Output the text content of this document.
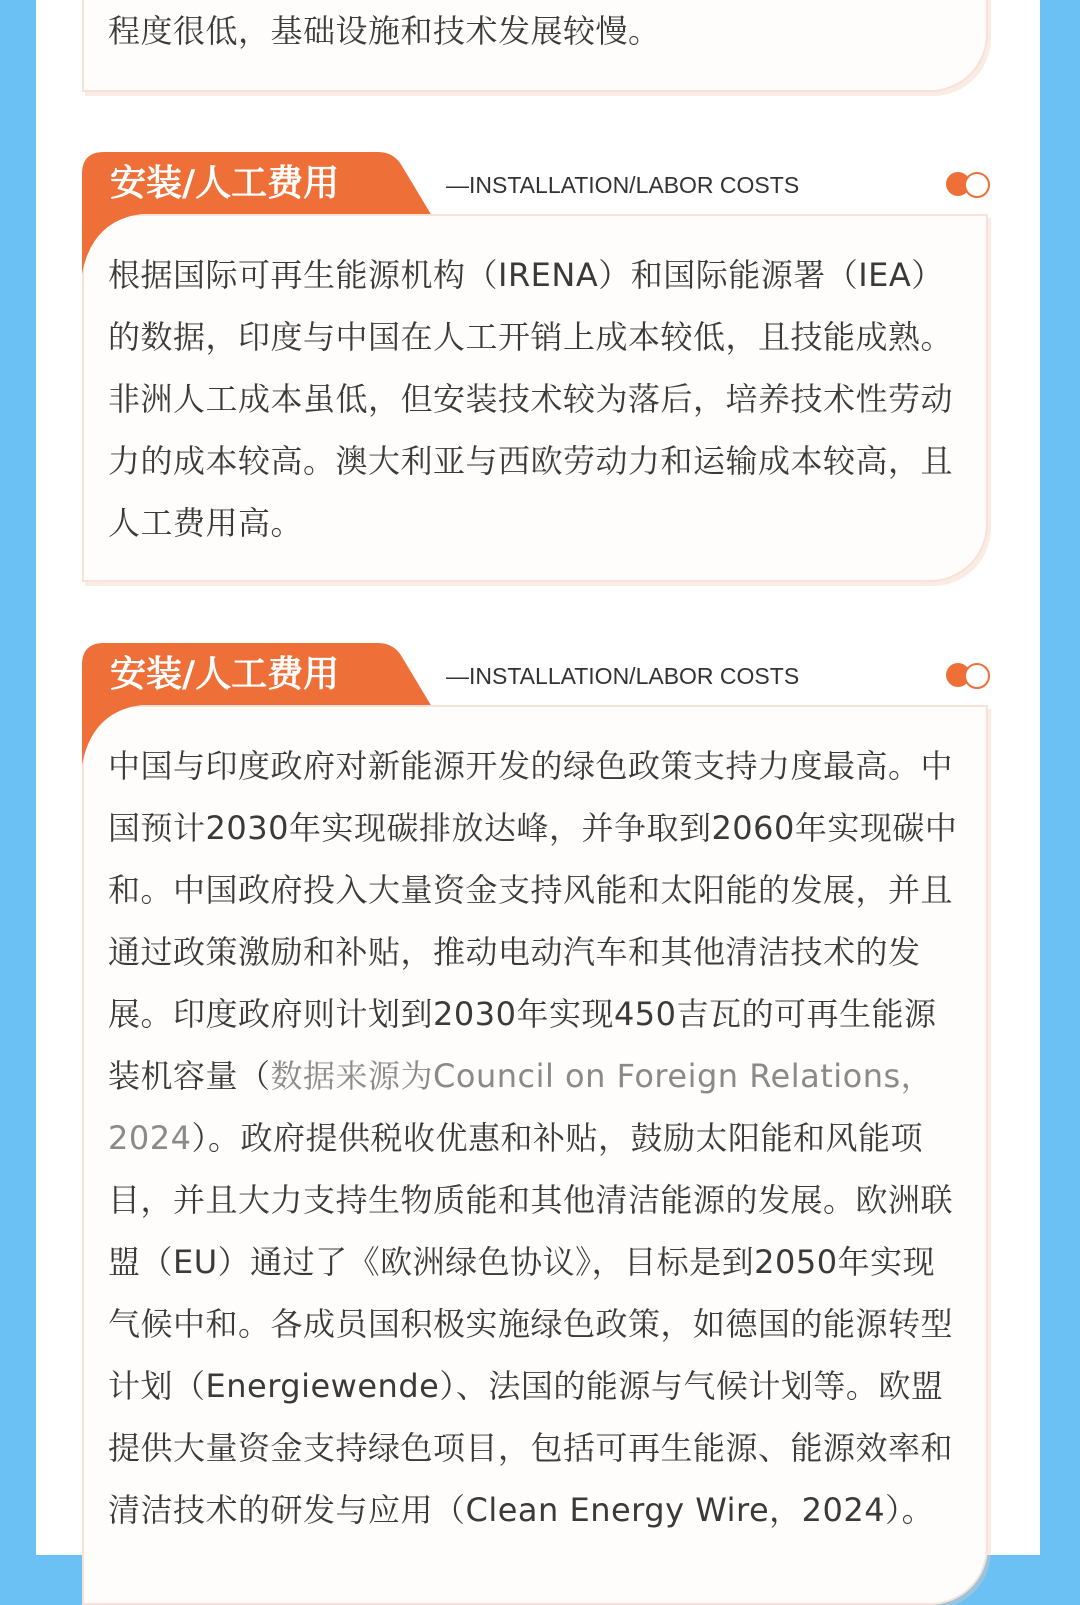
程度很低，基础设施和技术发展较慢。

安装/人工费用	—INSTALLATION/LABOR COSTS

根据国际可再生能源机构（IRENA）和国际能源署（IEA）的数据，印度与中国在人工开销上成本较低，且技能成熟。非洲人工成本虽低，但安装技术较为落后，培养技术性劳动力的成本较高。澳大利亚与西欧劳动力和运输成本较高，且人工费用高。

安装/人工费用	—INSTALLATION/LABOR COSTS

中国与印度政府对新能源开发的绿色政策支持力度最高。中国预计2030年实现碳排放达峰，并争取到2060年实现碳中和。中国政府投入大量资金支持风能和太阳能的发展，并且通过政策激励和补贴，推动电动汽车和其他清洁技术的发展。印度政府则计划到2030年实现450吉瓦的可再生能源装机容量（数据来源为Council on Foreign Relations，2024）。政府提供税收优惠和补贴，鼓励太阳能和风能项目，并且大力支持生物质能和其他清洁能源的发展。欧洲联盟（EU）通过了《欧洲绿色协议》，目标是到2050年实现气候中和。各成员国积极实施绿色政策，如德国的能源转型计划（Energiewende）、法国的能源与气候计划等。欧盟提供大量资金支持绿色项目，包括可再生能源、能源效率和清洁技术的研发与应用（Clean Energy Wire，2024）。
